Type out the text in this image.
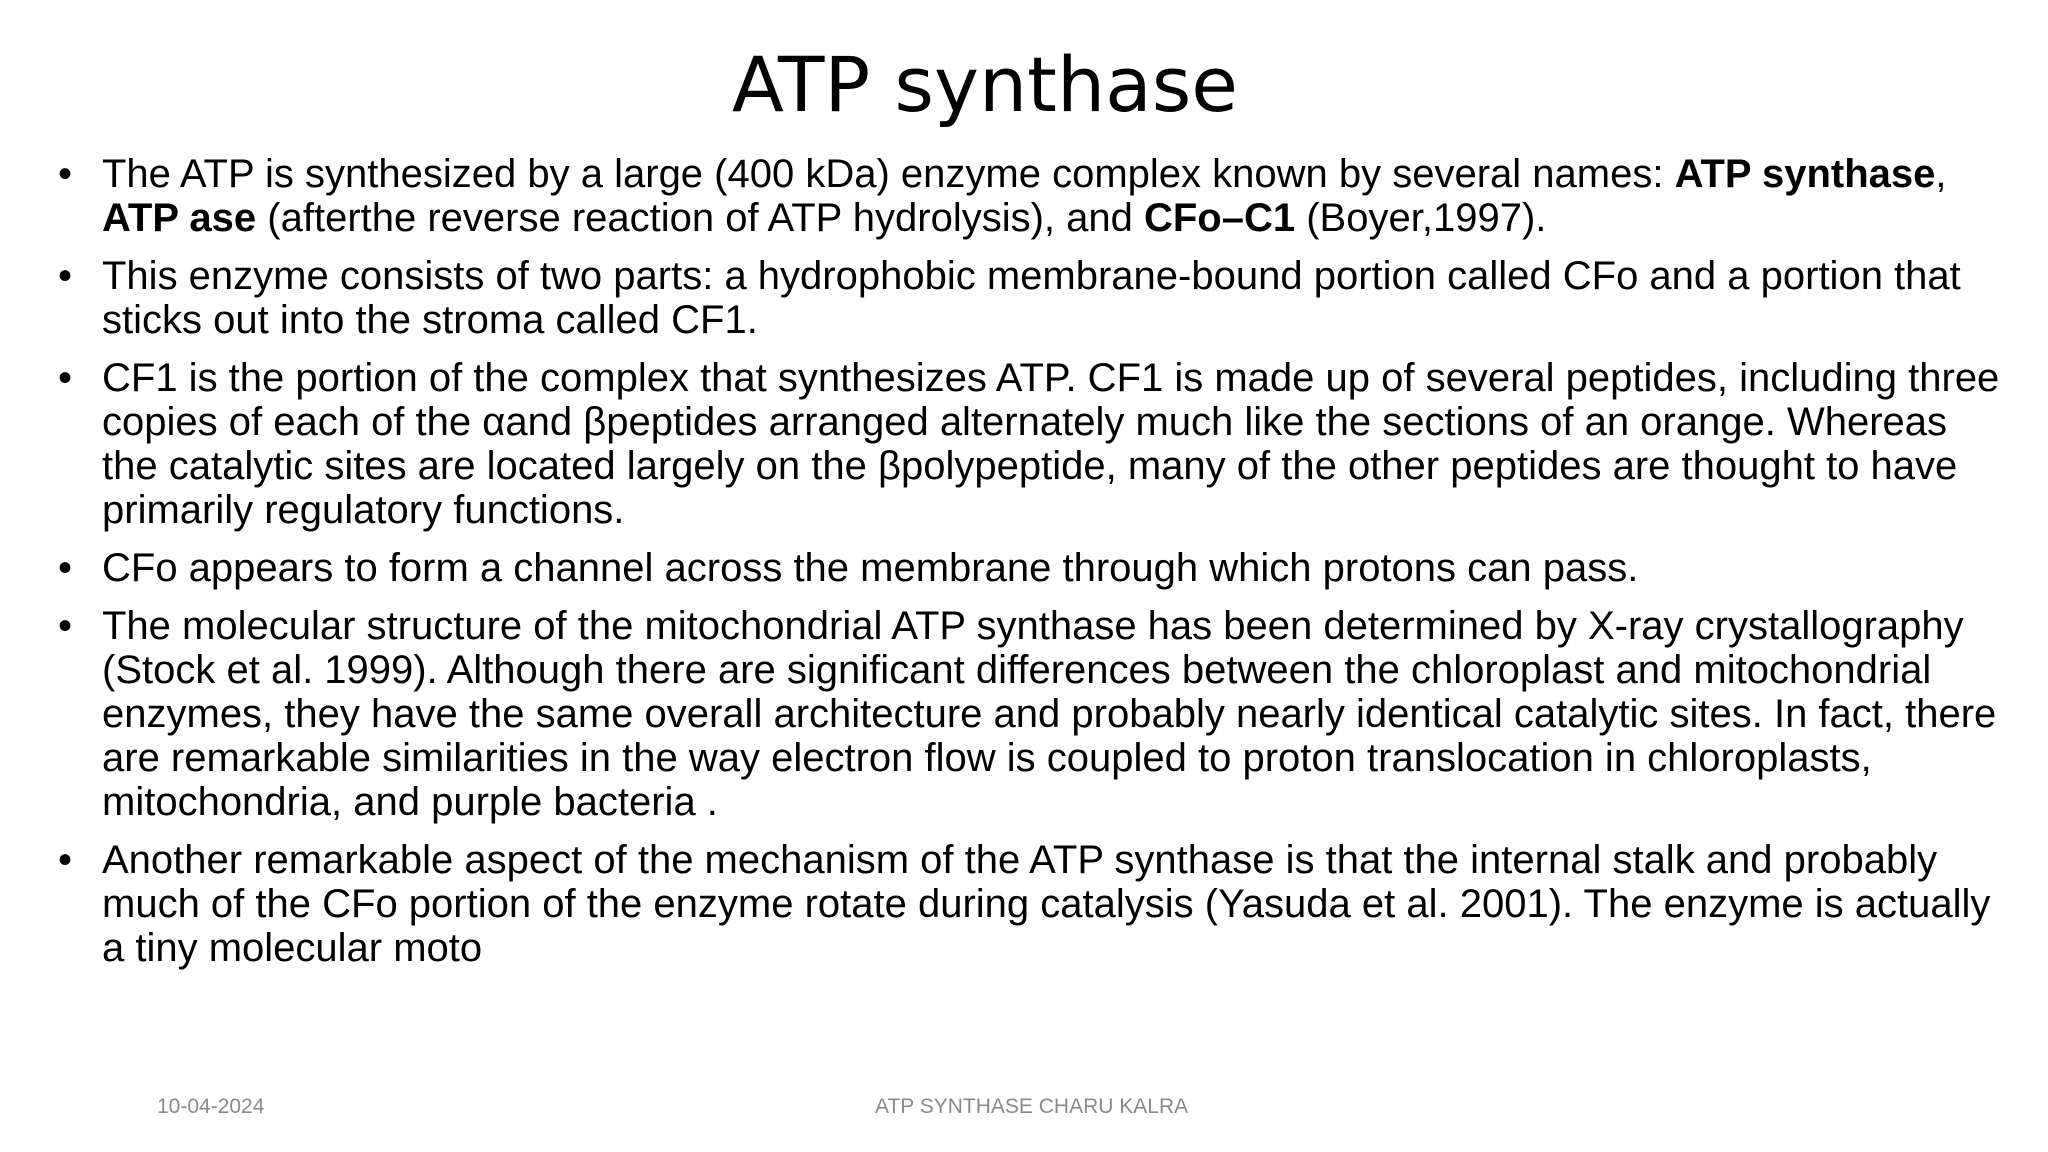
ATP synthase
• The ATP is synthesized by a large (400 kDa) enzyme complex known by several names: ATP synthase, ATP ase (afterthe reverse reaction of ATP hydrolysis), and CFo–C1 (Boyer,1997).
• This enzyme consists of two parts: a hydrophobic membrane-bound portion called CFo and a portion that sticks out into the stroma called CF1.
• CF1 is the portion of the complex that synthesizes ATP. CF1 is made up of several peptides, including three copies of each of the αand βpeptides arranged alternately much like the sections of an orange. Whereas the catalytic sites are located largely on the βpolypeptide, many of the other peptides are thought to have primarily regulatory functions.
• CFo appears to form a channel across the membrane through which protons can pass.
• The molecular structure of the mitochondrial ATP synthase has been determined by X-ray crystallography (Stock et al. 1999). Although there are significant differences between the chloroplast and mitochondrial enzymes, they have the same overall architecture and probably nearly identical catalytic sites. In fact, there are remarkable similarities in the way electron flow is coupled to proton translocation in chloroplasts, mitochondria, and purple bacteria .
• Another remarkable aspect of the mechanism of the ATP synthase is that the internal stalk and probably much of the CFo portion of the enzyme rotate during catalysis (Yasuda et al. 2001). The enzyme is actually a tiny molecular moto
10-04-2024	ATP SYNTHASE CHARU KALRA
